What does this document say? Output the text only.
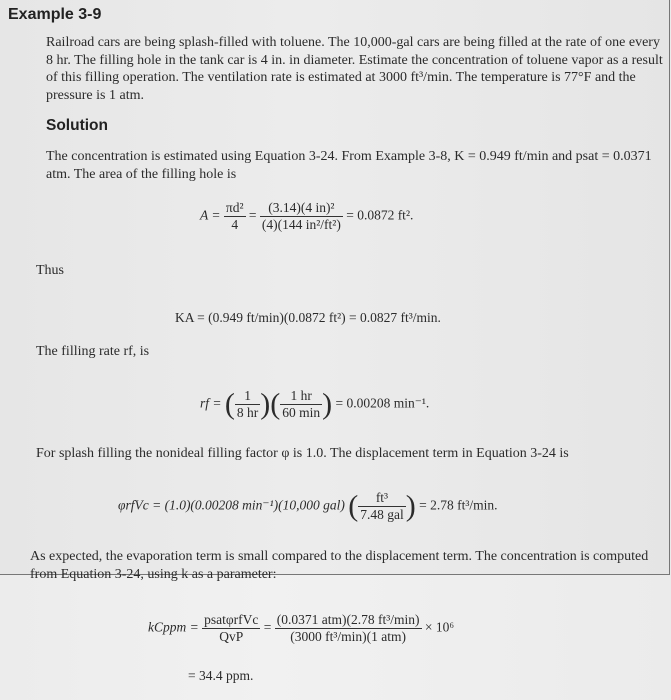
Example 3-9
Railroad cars are being splash-filled with toluene. The 10,000-gal cars are being filled at the rate of one every 8 hr. The filling hole in the tank car is 4 in. in diameter. Estimate the concentration of toluene vapor as a result of this filling operation. The ventilation rate is estimated at 3000 ft³/min. The temperature is 77°F and the pressure is 1 atm.
Solution
The concentration is estimated using Equation 3-24. From Example 3-8, K = 0.949 ft/min and psat = 0.0371 atm. The area of the filling hole is
$A = \frac{\text{πd²}}{4} = \frac{\text{(3.14)(4 in)²}}{\text{(4)(144 in²/ft²)}} = 0.0872$ ft².
Thus
KA = (0.949 ft/min)(0.0872 ft²) = 0.0827 ft³/min.
The filling rate rf, is
rf = ( $\frac{1}{8 hr}$ )( $\frac{1 hr}{60 \min}$ ) = 0.00208 min⁻¹.
For splash filling the nonideal filling factor φ is 1.0. The displacement term in Equation 3-24 is
φrfVc = (1.0)(0.00208 min⁻¹)(10,000 gal) ( $\frac{\text{ft³}}{\text{7.48 gal}}$ ) = 2.78 ft³/min.
As expected, the evaporation term is small compared to the displacement term. The concentration is computed from Equation 3-24, using k as a parameter:
kCppm = $\frac{\text{psatφrfVc}}{\text{QvP}} = \frac{\text{(0.0371 atm)(2.78 ft³/min)}}{\text{(3000 ft³/min)(1 atm)}} \times 10^6$
= 34.4 ppm.
